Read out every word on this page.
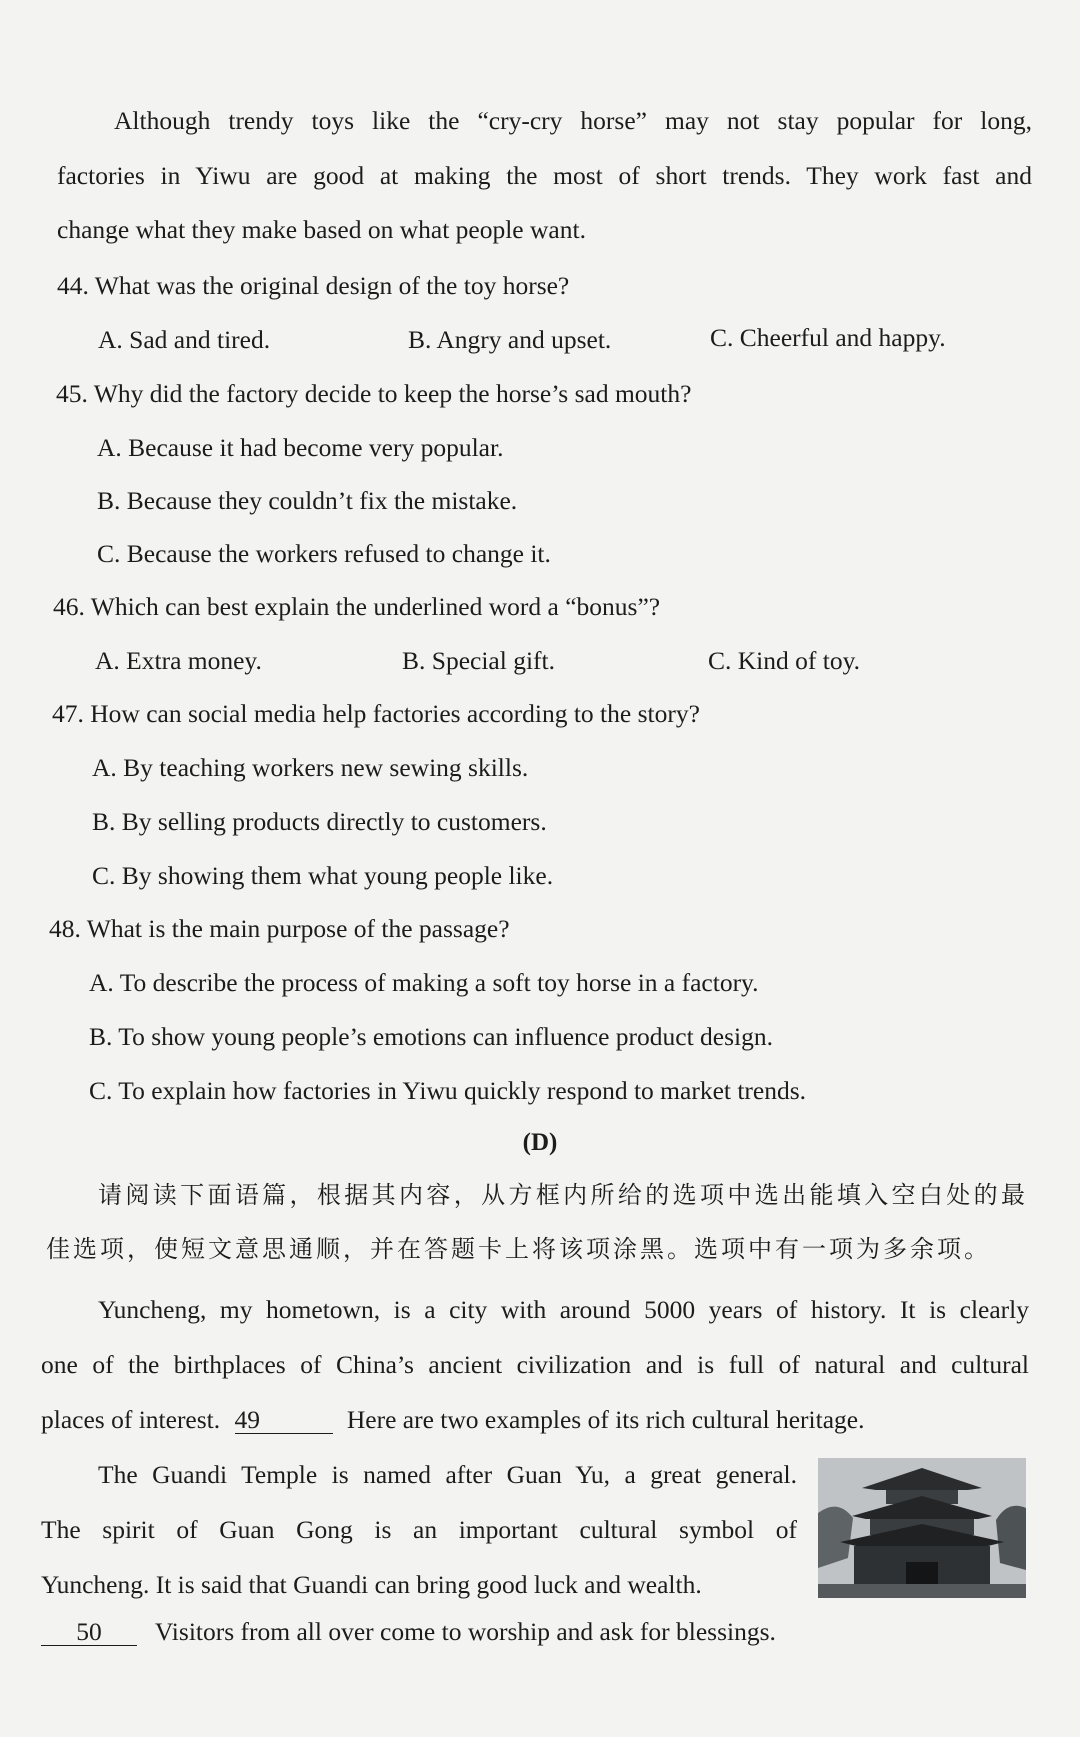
Although trendy toys like the “cry-cry horse” may not stay popular for long,

factories in Yiwu are good at making the most of short trends. They work fast and

change what they make based on what people want.

44. What was the original design of the toy horse?
A. Sad and tired.	B. Angry and upset.	C. Cheerful and happy.
45. Why did the factory decide to keep the horse’s sad mouth?
A. Because it had become very popular.
B. Because they couldn’t fix the mistake.
C. Because the workers refused to change it.
46. Which can best explain the underlined word a “bonus”?
A. Extra money.	B. Special gift.	C. Kind of toy.
47. How can social media help factories according to the story?
A. By teaching workers new sewing skills.
B. By selling products directly to customers.
C. By showing them what young people like.
48. What is the main purpose of the passage?
A. To describe the process of making a soft toy horse in a factory.
B. To show young people’s emotions can influence product design.
C. To explain how factories in Yiwu quickly respond to market trends.
(D)

请阅读下面语篇，根据其内容，从方框内所给的选项中选出能填入空白处的最

佳选项，使短文意思通顺，并在答题卡上将该项涂黑。选项中有一项为多余项。

Yuncheng, my hometown, is a city with around 5000 years of history. It is clearly

one of the birthplaces of China’s ancient civilization and is full of natural and cultural

places of interest. 49	Here are two examples of its rich cultural heritage.

The Guandi Temple is named after Guan Yu, a great general.

The spirit of Guan Gong is an important cultural symbol of

Yuncheng. It is said that Guandi can bring good luck and wealth.

50 Visitors from all over come to worship and ask for blessings.
